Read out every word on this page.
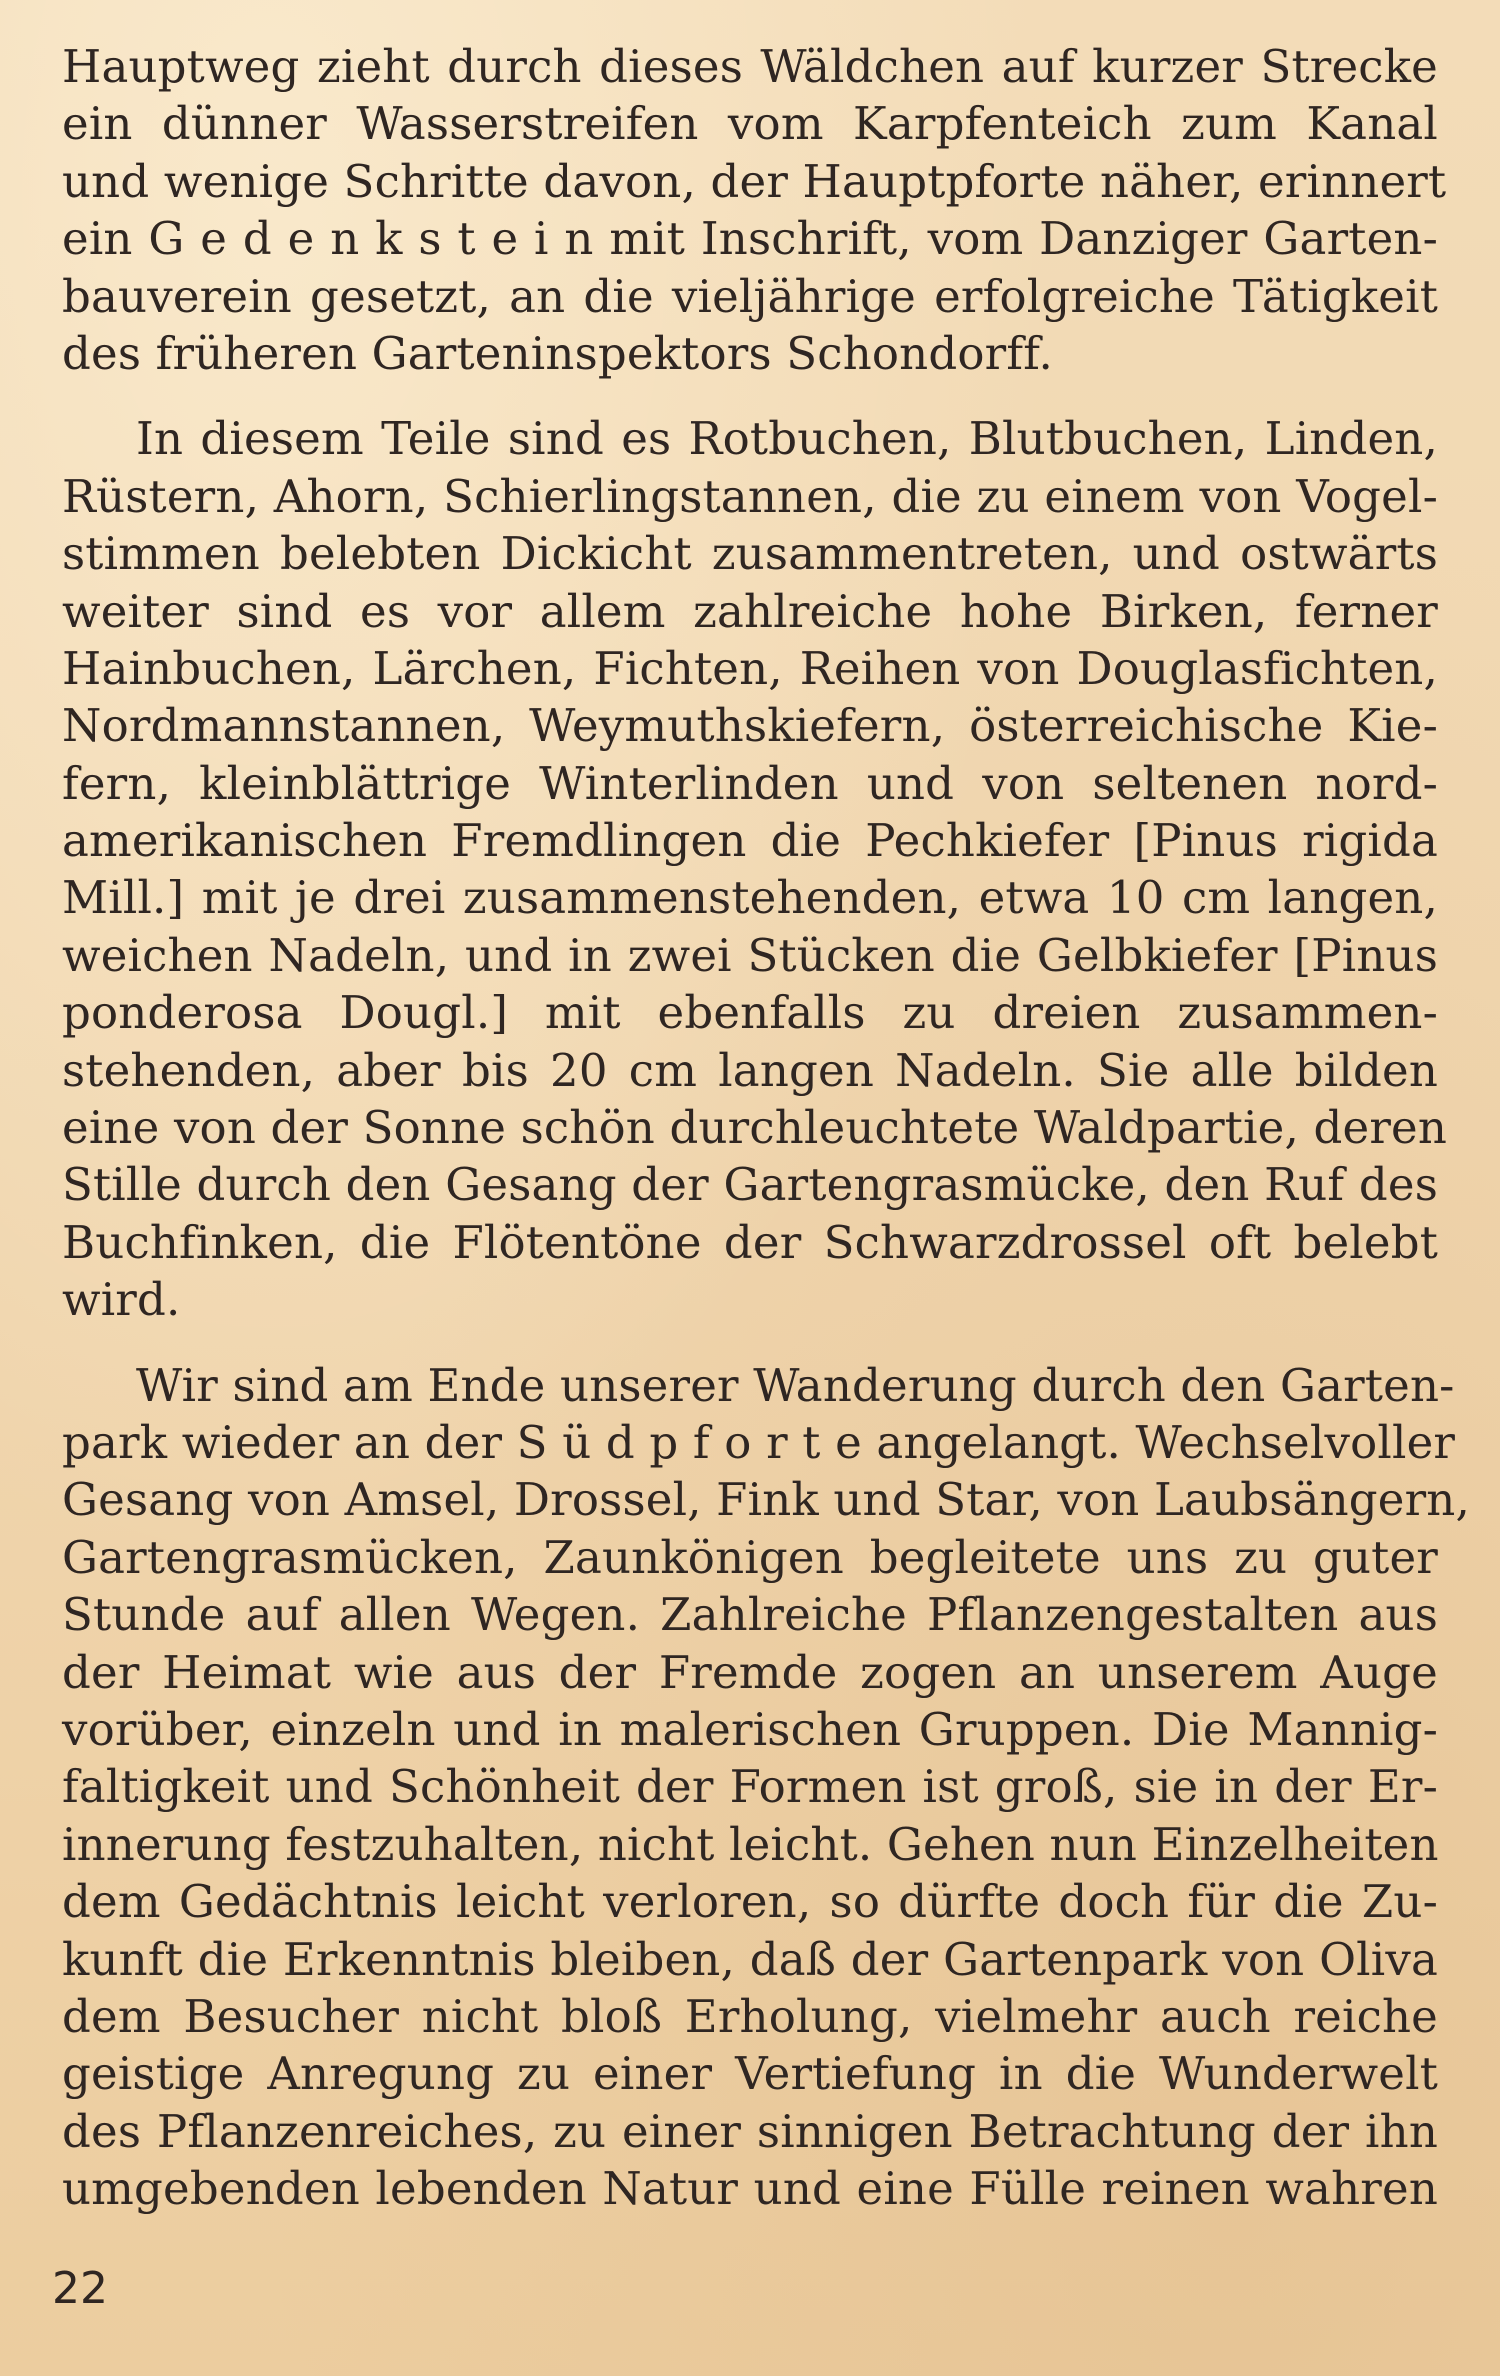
Hauptweg zieht durch dieses Wäldchen auf kurzer Strecke
ein dünner Wasserstreifen vom Karpfenteich zum Kanal
und wenige Schritte davon, der Hauptpforte näher, erinnert
ein G e d e n k s t e i n mit Inschrift, vom Danziger Garten-
bauverein gesetzt, an die vieljährige erfolgreiche Tätigkeit
des früheren Garteninspektors Schondorff.
In diesem Teile sind es Rotbuchen, Blutbuchen, Linden,
Rüstern, Ahorn, Schierlingstannen, die zu einem von Vogel-
stimmen belebten Dickicht zusammentreten, und ostwärts
weiter sind es vor allem zahlreiche hohe Birken, ferner
Hainbuchen, Lärchen, Fichten, Reihen von Douglasfichten,
Nordmannstannen, Weymuthskiefern, österreichische Kie-
fern, kleinblättrige Winterlinden und von seltenen nord-
amerikanischen Fremdlingen die Pechkiefer [Pinus rigida
Mill.] mit je drei zusammenstehenden, etwa 10 cm langen,
weichen Nadeln, und in zwei Stücken die Gelbkiefer [Pinus
ponderosa Dougl.] mit ebenfalls zu dreien zusammen-
stehenden, aber bis 20 cm langen Nadeln. Sie alle bilden
eine von der Sonne schön durchleuchtete Waldpartie, deren
Stille durch den Gesang der Gartengrasmücke, den Ruf des
Buchfinken, die Flötentöne der Schwarzdrossel oft belebt
wird.
Wir sind am Ende unserer Wanderung durch den Garten-
park wieder an der S ü d p f o r t e angelangt. Wechselvoller
Gesang von Amsel, Drossel, Fink und Star, von Laubsängern,
Gartengrasmücken, Zaunkönigen begleitete uns zu guter
Stunde auf allen Wegen. Zahlreiche Pflanzengestalten aus
der Heimat wie aus der Fremde zogen an unserem Auge
vorüber, einzeln und in malerischen Gruppen. Die Mannig-
faltigkeit und Schönheit der Formen ist groß, sie in der Er-
innerung festzuhalten, nicht leicht. Gehen nun Einzelheiten
dem Gedächtnis leicht verloren, so dürfte doch für die Zu-
kunft die Erkenntnis bleiben, daß der Gartenpark von Oliva
dem Besucher nicht bloß Erholung, vielmehr auch reiche
geistige Anregung zu einer Vertiefung in die Wunderwelt
des Pflanzenreiches, zu einer sinnigen Betrachtung der ihn
umgebenden lebenden Natur und eine Fülle reinen wahren
22
